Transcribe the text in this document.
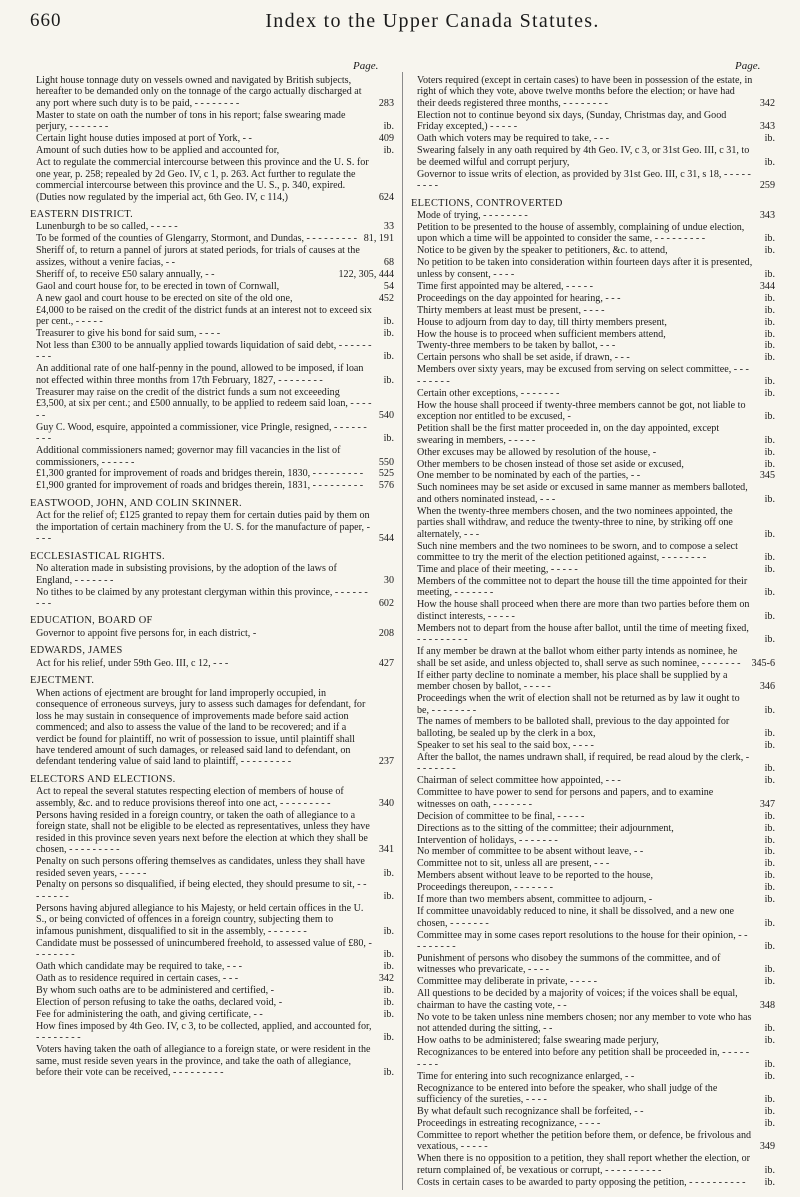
660	Index to the Upper Canada Statutes.
Page.	Page.
Light house tonnage duty on vessels owned and navigated by British subjects, hereafter to be demanded only on the tonnage of the cargo actually discharged at any port where such duty is to be paid, - - - - - - - -	283
Master to state on oath the number of tons in his report; false swearing made perjury, - - - - - - -	ib.
Certain light house duties imposed at port of York, - -	409
Amount of such duties how to be applied and accounted for,	ib.
Act to regulate the commercial intercourse between this province and the U. S. for one year, p. 258; repealed by 2d Geo. IV, c 1, p. 263. Act further to regulate the commercial intercourse between this province and the U. S., p. 340, expired. (Duties now regulated by the imperial act, 6th Geo. IV, c 114,)	624
EASTERN DISTRICT.
Lunenburgh to be so called, - - - - -	33
To be formed of the counties of Glengarry, Stormont, and Dundas, - - - - - - - - - 81, 191
Sheriff of, to return a pannel of jurors at stated periods, for trials of causes at the assizes, without a venire facias, - -	68
Sheriff of, to receive £50 salary annually, - -	122, 305, 444
Gaol and court house for, to be erected in town of Cornwall,	54
A new gaol and court house to be erected on site of the old one,	452
£4,000 to be raised on the credit of the district funds at an interest not to exceed six per cent., - - - - -	ib.
Treasurer to give his bond for said sum, - - - -	ib.
Not less than £300 to be annually applied towards liquidation of said debt, - - - - - - - - -	ib.
An additional rate of one half-penny in the pound, allowed to be imposed, if loan not effected within three months from 17th February, 1827, - - - - - - - -	ib.
Treasurer may raise on the credit of the district funds a sum not exceeeding £3,500, at six per cent.; and £500 annually, to be applied to redeem said loan, - - - - - -	540
Guy C. Wood, esquire, appointed a commissioner, vice Pringle, resigned, - - - - - - - - -	ib.
Additional commissioners named; governor may fill vacancies in the list of commissioners, - - - - - -	550
£1,300 granted for improvement of roads and bridges therein, 1830, - - - - - - - - -	525
£1,900 granted for improvement of roads and bridges therein, 1831, - - - - - - - - -	576
EASTWOOD, JOHN, AND COLIN SKINNER.
Act for the relief of; £125 granted to repay them for certain duties paid by them on the importation of certain machinery from the U. S. for the manufacture of paper, - - - -	544
ECCLESIASTICAL RIGHTS.
No alteration made in subsisting provisions, by the adoption of the laws of England, - - - - - - -	30
No tithes to be claimed by any protestant clergyman within this province, - - - - - - - - -	602
EDUCATION, BOARD OF
Governor to appoint five persons for, in each district, -	208
EDWARDS, JAMES
Act for his relief, under 59th Geo. III, c 12, - - -	427
EJECTMENT.
When actions of ejectment are brought for land improperly occupied, in consequence of erroneous surveys, jury to assess such damages for defendant, for loss he may sustain in consequence of improvements made before said action commenced; and also to assess the value of the land to be recovered; and if a verdict be found for plaintiff, no writ of possession to issue, until plaintiff shall have tendered amount of such damages, or released said land to defendant, on defendant tendering value of said land to plaintiff, - - - - - - - - -	237
ELECTORS AND ELECTIONS.
Act to repeal the several statutes respecting election of members of house of assembly, &c. and to reduce provisions thereof into one act, - - - - - - - - -	340
Persons having resided in a foreign country, or taken the oath of allegiance to a foreign state, shall not be eligible to be elected as representatives, unless they have resided in this province seven years next before the election at which they shall be chosen, - - - - - - - - -	341
Penalty on such persons offering themselves as candidates, unless they shall have resided seven years, - - - - -	ib.
Penalty on persons so disqualified, if being elected, they should presume to sit, - - - - - - - -	ib.
Persons having abjured allegiance to his Majesty, or held certain offices in the U. S., or being convicted of offences in a foreign country, subjecting them to infamous punishment, disqualified to sit in the assembly, - - - - - - -	ib.
Candidate must be possessed of unincumbered freehold, to assessed value of £80, - - - - - - - -	ib.
Oath which candidate may be required to take, - - -	ib.
Oath as to residence required in certain cases, - - -	342
By whom such oaths are to be administered and certified, -	ib.
Election of person refusing to take the oaths, declared void, -	ib.
Fee for administering the oath, and giving certificate, - -	ib.
How fines imposed by 4th Geo. IV, c 3, to be collected, applied, and accounted for, - - - - - - - -	ib.
Voters having taken the oath of allegiance to a foreign state, or were resident in the same, must reside seven years in the province, and take the oath of allegiance, before their vote can be received, - - - - - - - - -	ib.
Voters required (except in certain cases) to have been in possession of the estate, in right of which they vote, above twelve months before the election; or have had their deeds registered three months, - - - - - - - -	342
Election not to continue beyond six days, (Sunday, Christmas day, and Good Friday excepted,) - - - - -	343
Oath which voters may be required to take, - - -	ib.
Swearing falsely in any oath required by 4th Geo. IV, c 3, or 31st Geo. III, c 31, to be deemed wilful and corrupt perjury,	ib.
Governor to issue writs of election, as provided by 31st Geo. III, c 31, s 18, - - - - - - - - -	259
ELECTIONS, CONTROVERTED
Mode of trying, - - - - - - - -	343
Petition to be presented to the house of assembly, complaining of undue election, upon which a time will be appointed to consider the same, - - - - - - - - -	ib.
Notice to be given by the speaker to petitioners, &c. to attend,	ib.
No petition to be taken into consideration within fourteen days after it is presented, unless by consent, - - - -	ib.
Time first appointed may be altered, - - - - -	344
Proceedings on the day appointed for hearing, - - -	ib.
Thirty members at least must be present, - - - -	ib.
House to adjourn from day to day, till thirty members present,	ib.
How the house is to proceed when sufficient members attend,	ib.
Twenty-three members to be taken by ballot, - - -	ib.
Certain persons who shall be set aside, if drawn, - - -	ib.
Members over sixty years, may be excused from serving on select committee, - - - - - - - - -	ib.
Certain other exceptions, - - - - - - -	ib.
How the house shall proceed if twenty-three members cannot be got, not liable to exception nor entitled to be excused, -	ib.
Petition shall be the first matter proceeded in, on the day appointed, except swearing in members, - - - - -	ib.
Other excuses may be allowed by resolution of the house, -	ib.
Other members to be chosen instead of those set aside or excused,	ib.
One member to be nominated by each of the parties, - -	345
Such nominees may be set aside or excused in same manner as members balloted, and others nominated instead, - - -	ib.
When the twenty-three members chosen, and the two nominees appointed, the parties shall withdraw, and reduce the twenty-three to nine, by striking off one alternately, - - -	ib.
Such nine members and the two nominees to be sworn, and to compose a select committee to try the merit of the election petitioned against, - - - - - - - -	ib.
Time and place of their meeting, - - - - -	ib.
Members of the committee not to depart the house till the time appointed for their meeting, - - - - - - -	ib.
How the house shall proceed when there are more than two parties before them on distinct interests, - - - - -	ib.
Members not to depart from the house after ballot, until the time of meeting fixed, - - - - - - - - -	ib.
If any member be drawn at the ballot whom either party intends as nominee, he shall be set aside, and unless objected to, shall serve as such nominee, - - - - - - -	345-6
If either party decline to nominate a member, his place shall be supplied by a member chosen by ballot, - - - - -	346
Proceedings when the writ of election shall not be returned as by law it ought to be, - - - - - - - -	ib.
The names of members to be balloted shall, previous to the day appointed for balloting, be sealed up by the clerk in a box,	ib.
Speaker to set his seal to the said box, - - - -	ib.
After the ballot, the names undrawn shall, if required, be read aloud by the clerk, - - - - - - - -	ib.
Chairman of select committee how appointed, - - -	ib.
Committee to have power to send for persons and papers, and to examine witnesses on oath, - - - - - - -	347
Decision of committee to be final, - - - - -	ib.
Directions as to the sitting of the committee; their adjournment,	ib.
Intervention of holidays, - - - - - - -	ib.
No member of committee to be absent without leave, - -	ib.
Committee not to sit, unless all are present, - - -	ib.
Members absent without leave to be reported to the house,	ib.
Proceedings thereupon, - - - - - - -	ib.
If more than two members absent, committee to adjourn, -	ib.
If committee unavoidably reduced to nine, it shall be dissolved, and a new one chosen, - - - - - - -	ib.
Committee may in some cases report resolutions to the house for their opinion, - - - - - - - - -	ib.
Punishment of persons who disobey the summons of the committee, and of witnesses who prevaricate, - - - -	ib.
Committee may deliberate in private, - - - - -	ib.
All questions to be decided by a majority of voices; if the voices shall be equal, chairman to have the casting vote, - -	348
No vote to be taken unless nine members chosen; nor any member to vote who has not attended during the sitting, - -	ib.
How oaths to be administered; false swearing made perjury,	ib.
Recognizances to be entered into before any petition shall be proceeded in, - - - - - - - - -	ib.
Time for entering into such recognizance enlarged, - -	ib.
Recognizance to be entered into before the speaker, who shall judge of the sufficiency of the sureties, - - - -	ib.
By what default such recognizance shall be forfeited, - -	ib.
Proceedings in estreating recognizance, - - - -	ib.
Committee to report whether the petition before them, or defence, be frivolous and vexatious, - - - - -	349
When there is no opposition to a petition, they shall report whether the election, or return complained of, be vexatious or corrupt, - - - - - - - - - -	ib.
Costs in certain cases to be awarded to party opposing the petition, - - - - - - - - - -	ib.
